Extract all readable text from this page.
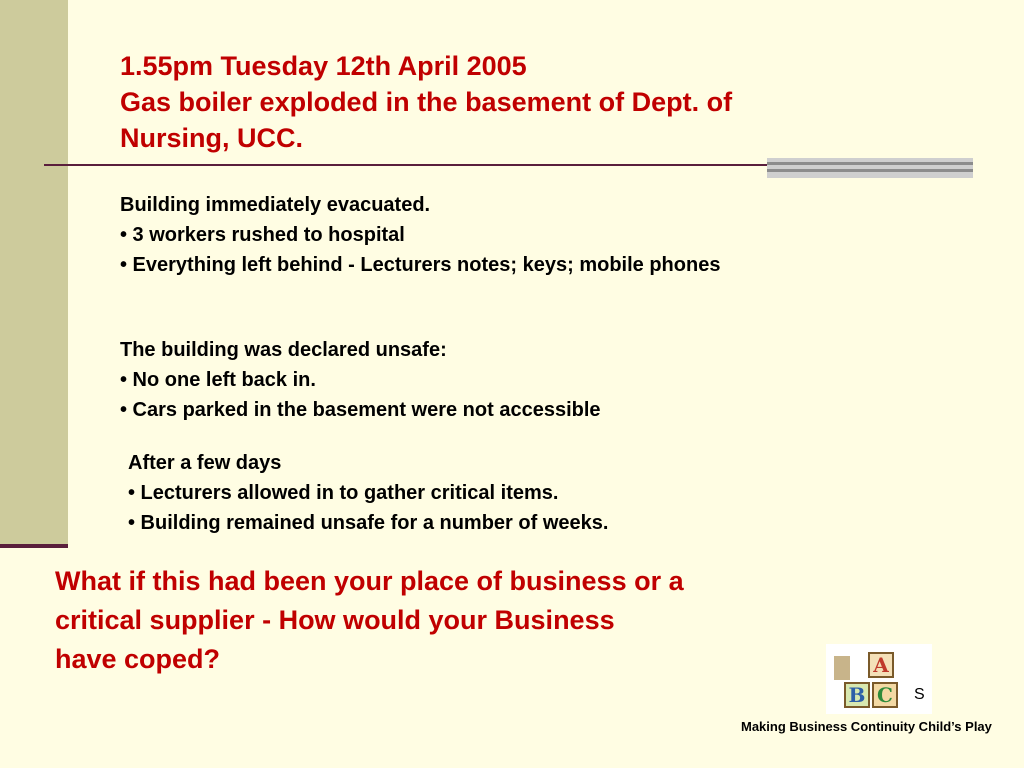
1.55pm Tuesday 12th April 2005
Gas boiler exploded in the basement of Dept. of
Nursing, UCC.
Building immediately evacuated.
• 3 workers rushed to hospital
• Everything left behind - Lecturers notes; keys; mobile phones
The building was declared unsafe:
• No one left back in.
• Cars parked in the basement were not accessible
After a few days
• Lecturers allowed in to gather critical items.
• Building remained unsafe for a number of weeks.
What if this had been your place of business or a
critical supplier - How would your Business
have coped?	A
B C	S
Making Business Continuity Child’s Play
